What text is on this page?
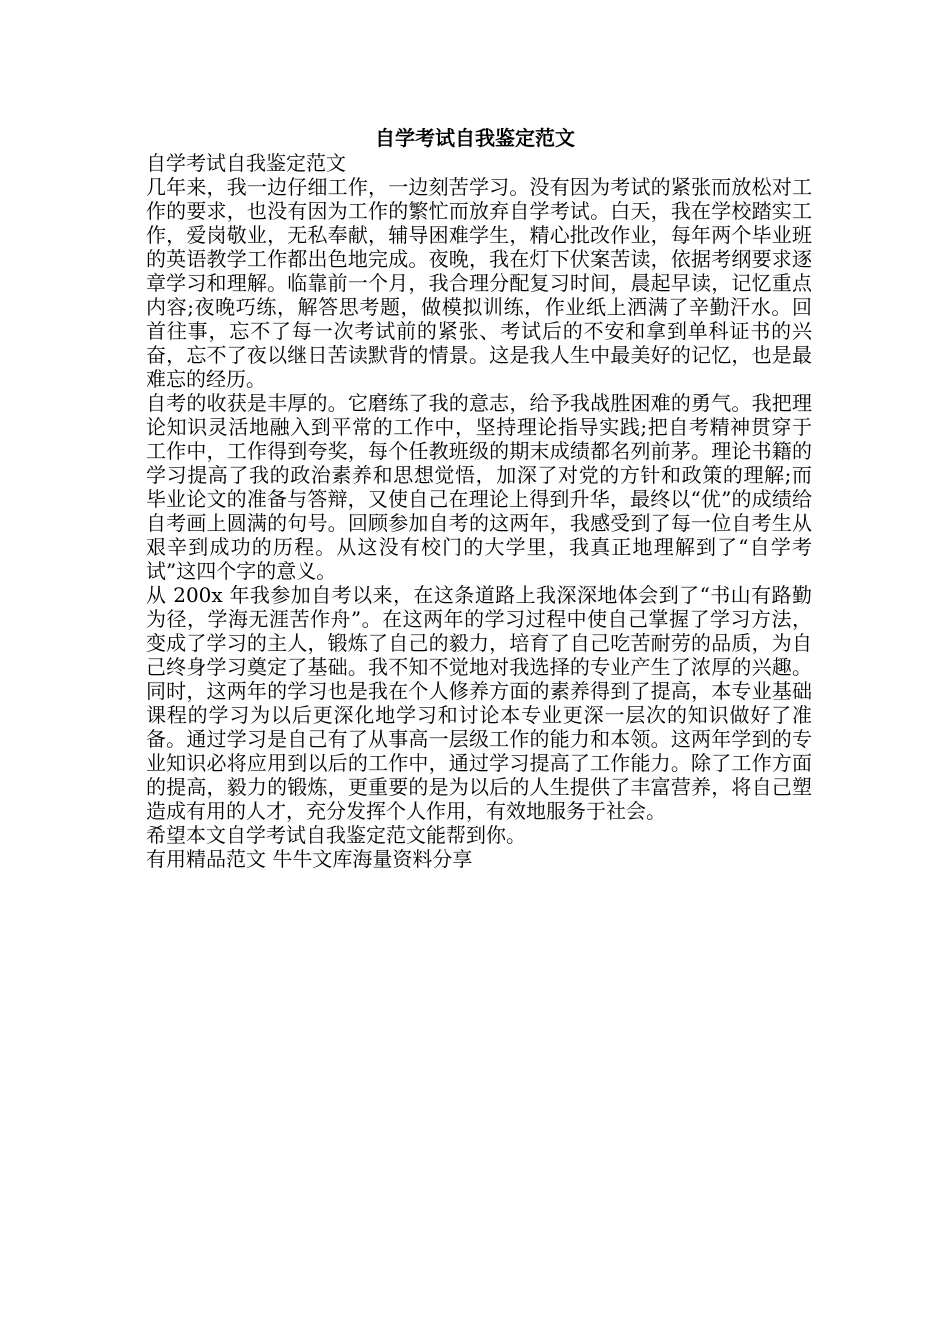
自学考试自我鉴定范文

自学考试自我鉴定范文

几年来，我一边仔细工作，一边刻苦学习。没有因为考试的紧张而放松对工作的要求，也没有因为工作的繁忙而放弃自学考试。白天，我在学校踏实工作，爱岗敬业，无私奉献，辅导困难学生，精心批改作业，每年两个毕业班的英语教学工作都出色地完成。夜晚，我在灯下伏案苦读，依据考纲要求逐章学习和理解。临靠前一个月，我合理分配复习时间，晨起早读，记忆重点内容;夜晚巧练，解答思考题，做模拟训练，作业纸上洒满了辛勤汗水。回首往事，忘不了每一次考试前的紧张、考试后的不安和拿到单科证书的兴奋，忘不了夜以继日苦读默背的情景。这是我人生中最美好的记忆，也是最难忘的经历。

自考的收获是丰厚的。它磨练了我的意志，给予我战胜困难的勇气。我把理论知识灵活地融入到平常的工作中，坚持理论指导实践;把自考精神贯穿于工作中，工作得到夸奖，每个任教班级的期末成绩都名列前茅。理论书籍的学习提高了我的政治素养和思想觉悟，加深了对党的方针和政策的理解;而毕业论文的准备与答辩，又使自己在理论上得到升华，最终以“优”的成绩给自考画上圆满的句号。回顾参加自考的这两年，我感受到了每一位自考生从艰辛到成功的历程。从这没有校门的大学里，我真正地理解到了“自学考试”这四个字的意义。

从 200x 年我参加自考以来，在这条道路上我深深地体会到了“书山有路勤为径，学海无涯苦作舟”。在这两年的学习过程中使自己掌握了学习方法，变成了学习的主人，锻炼了自己的毅力，培育了自己吃苦耐劳的品质，为自己终身学习奠定了基础。我不知不觉地对我选择的专业产生了浓厚的兴趣。同时，这两年的学习也是我在个人修养方面的素养得到了提高，本专业基础课程的学习为以后更深化地学习和讨论本专业更深一层次的知识做好了准备。通过学习是自己有了从事高一层级工作的能力和本领。这两年学到的专业知识必将应用到以后的工作中，通过学习提高了工作能力。除了工作方面的提高，毅力的锻炼，更重要的是为以后的人生提供了丰富营养，将自己塑造成有用的人才，充分发挥个人作用，有效地服务于社会。

希望本文自学考试自我鉴定范文能帮到你。

有用精品范文 牛牛文库海量资料分享
